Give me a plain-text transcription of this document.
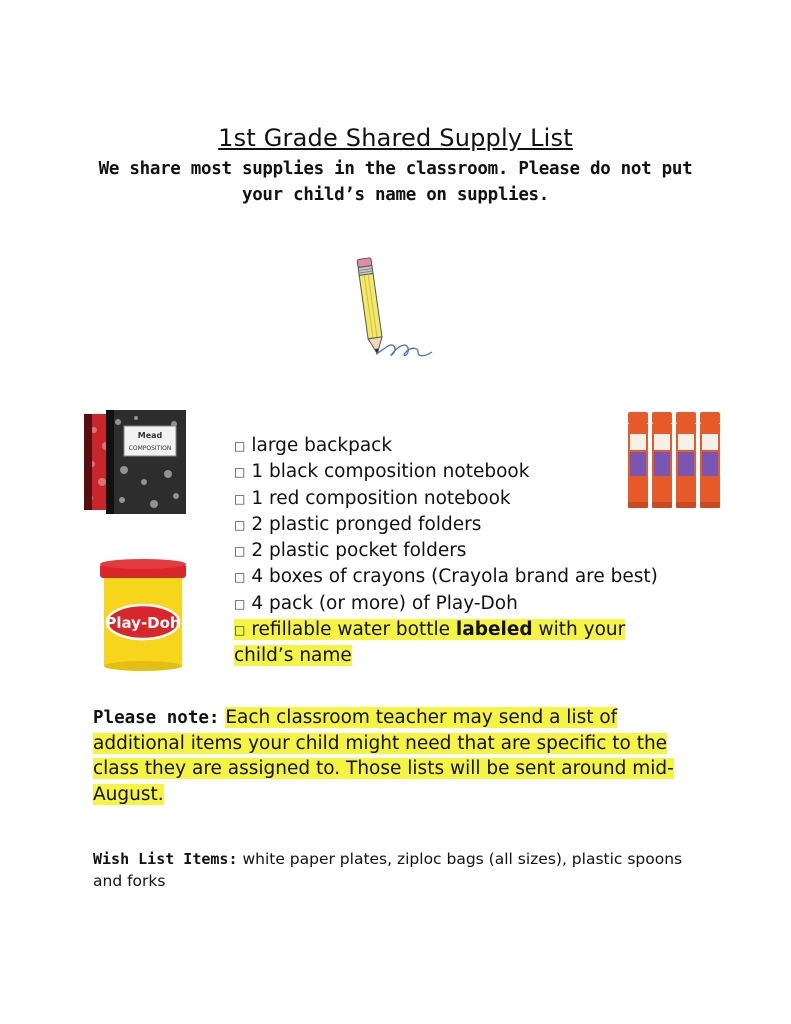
1st Grade Shared Supply List
We share most supplies in the classroom. Please do not put your child’s name on supplies.
Mead
COMPOSITION
Play-Doh
□ large backpack
□ 1 black composition notebook
□ 1 red composition notebook
□ 2 plastic pronged folders
□ 2 plastic pocket folders
□ 4 boxes of crayons (Crayola brand are best)
□ 4 pack (or more) of Play-Doh
□ refillable water bottle labeled with your child’s name
Please note: Each classroom teacher may send a list of additional items your child might need that are specific to the class they are assigned to. Those lists will be sent around mid-August.
Wish List Items: white paper plates, ziploc bags (all sizes), plastic spoons and forks
